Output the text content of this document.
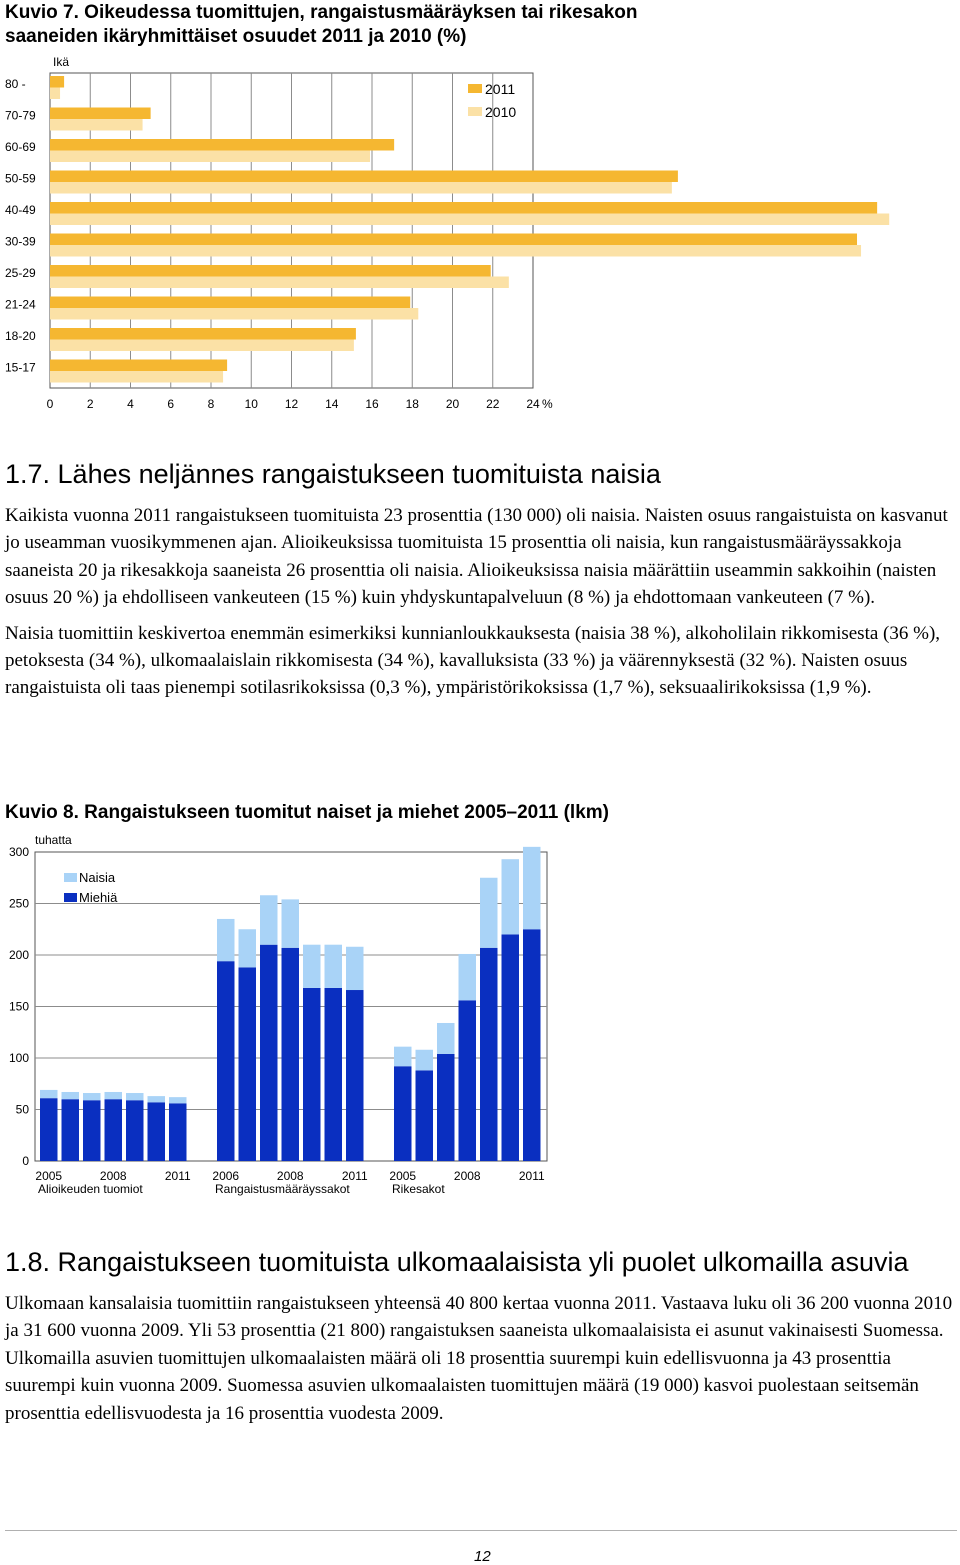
Kuvio 7. Oikeudessa tuomittujen, rangaistusmääräyksen tai rikesakon
saaneiden ikäryhmittäiset osuudet 2011 ja 2010 (%)
0	2	4	6	8	10 12 14 16 18 20 22 24 %
Ikä
15-17
18-20
21-24
25-29
30-39
40-49
50-59
60-69
70-79
80 -	2011
2010
1.7. Lähes neljännes rangaistukseen tuomituista naisia

Kaikista vuonna 2011 rangaistukseen tuomituista 23 prosenttia (130 000) oli naisia. Naisten osuus rangaistuista on kasvanut jo useamman vuosikymmenen ajan. Alioikeuksissa tuomituista 15 prosenttia oli naisia, kun rangaistusmääräyssakkoja saaneista 20 ja rikesakkoja saaneista 26 prosenttia oli naisia. Alioikeuksissa naisia määrättiin useammin sakkoihin (naisten osuus 20 %) ja ehdolliseen vankeuteen (15 %) kuin yhdyskuntapalveluun (8 %) ja ehdottomaan vankeuteen (7 %).

Naisia tuomittiin keskivertoa enemmän esimerkiksi kunnianloukkauksesta (naisia 38 %), alkoholilain rikkomisesta (36 %), petoksesta (34 %), ulkomaalaislain rikkomisesta (34 %), kavalluksista (33 %) ja väärennyksestä (32 %). Naisten osuus rangaistuista oli taas pienempi sotilasrikoksissa (0,3 %), ympäristörikoksissa (1,7 %), seksuaalirikoksissa (1,9 %).

Kuvio 8. Rangaistukseen tuomitut naiset ja miehet 2005–2011 (lkm)
0
50
100
150
200
250
300
tuhatta
Alioikeuden tuomiot	Rangaistusmääräyssakot	Rikesakot
2005	2008	2011 2006	2008	2011 2005	2008	2011
Naisia
Miehiä
1.8. Rangaistukseen tuomituista ulkomaalaisista yli puolet ulkomailla asuvia

Ulkomaan kansalaisia tuomittiin rangaistukseen yhteensä 40 800 kertaa vuonna 2011. Vastaava luku oli 36 200 vuonna 2010 ja 31 600 vuonna 2009. Yli 53 prosenttia (21 800) rangaistuksen saaneista ulkomaalaisista ei asunut vakinaisesti Suomessa. Ulkomailla asuvien tuomittujen ulkomaalaisten määrä oli 18 prosenttia suurempi kuin edellisvuonna ja 43 prosenttia suurempi kuin vuonna 2009. Suomessa asuvien ulkomaalaisten tuomittujen määrä (19 000) kasvoi puolestaan seitsemän prosenttia edellisvuodesta ja 16 prosenttia vuodesta 2009.

12
